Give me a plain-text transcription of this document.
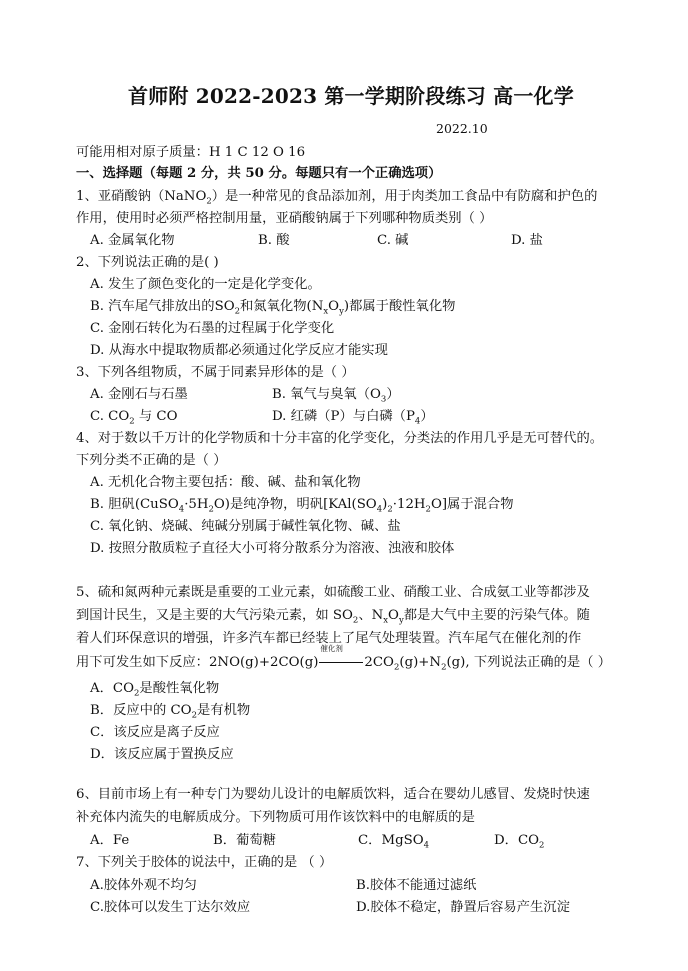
首师附 2022-2023 第一学期阶段练习 高一化学
2022.10
可能用相对原子质量：H 1 C 12 O 16
一、选择题（每题 2 分，共 50 分。每题只有一个正确选项）
1、亚硝酸钠（NaNO$_2$）是一种常见的食品添加剂，用于肉类加工食品中有防腐和护色的
作用，使用时必须严格控制用量，亚硝酸钠属于下列哪种物质类别（ ）
A. 金属氧化物	B. 酸	C. 碱	D. 盐
2、下列说法正确的是( )
A. 发生了颜色变化的一定是化学变化。
B. 汽车尾气排放出的$SO_2$和氮氧化物$(N_xO_y)$都属于酸性氧化物
C. 金刚石转化为石墨的过程属于化学变化
D. 从海水中提取物质都必须通过化学反应才能实现
3、下列各组物质，不属于同素异形体的是（ ）
A. 金刚石与石墨	B. 氧气与臭氧$(O_3)$
C. $CO_2$ 与 CO	D. 红磷（P）与白磷$(P_4)$
4、对于数以千万计的化学物质和十分丰富的化学变化，分类法的作用几乎是无可替代的。
下列分类不正确的是（ ）
A. 无机化合物主要包括：酸、碱、盐和氧化物
B. 胆矾$(CuSO_4\cdot 5H_2O)$是纯净物，明矾$[KAl(SO_4)_2\cdot 12H_2O]$属于混合物
C. 氧化钠、烧碱、纯碱分别属于碱性氧化物、碱、盐
D. 按照分散质粒子直径大小可将分散系分为溶液、浊液和胶体
5、硫和氮两种元素既是重要的工业元素，如硫酸工业、硝酸工业、合成氨工业等都涉及
到国计民生，又是主要的大气污染元素，如 $SO_2$、$N_xO_y$都是大气中主要的污染气体。随
着人们环保意识的增强，许多汽车都已经装上了尾气处理装置。汽车尾气在催化剂的作
用下可发生如下反应：2NO(g)+2CO(g)
催化剂
$2CO_2(g)+N_2(g)$, 下列说法正确的是（ ）
A．$CO_2$是酸性氧化物
B．反应中的 $CO_2$是有机物
C．该反应是离子反应
D．该反应属于置换反应
6、目前市场上有一种专门为婴幼儿设计的电解质饮料，适合在婴幼儿感冒、发烧时快速
补充体内流失的电解质成分。下列物质可用作该饮料中的电解质的是
A．Fe	B．葡萄糖	C．MgSO$_4$	D．$CO_2$
7、下列关于胶体的说法中，正确的是 （ ）
A.胶体外观不均匀	B.胶体不能通过滤纸
C.胶体可以发生丁达尔效应	D.胶体不稳定，静置后容易产生沉淀
